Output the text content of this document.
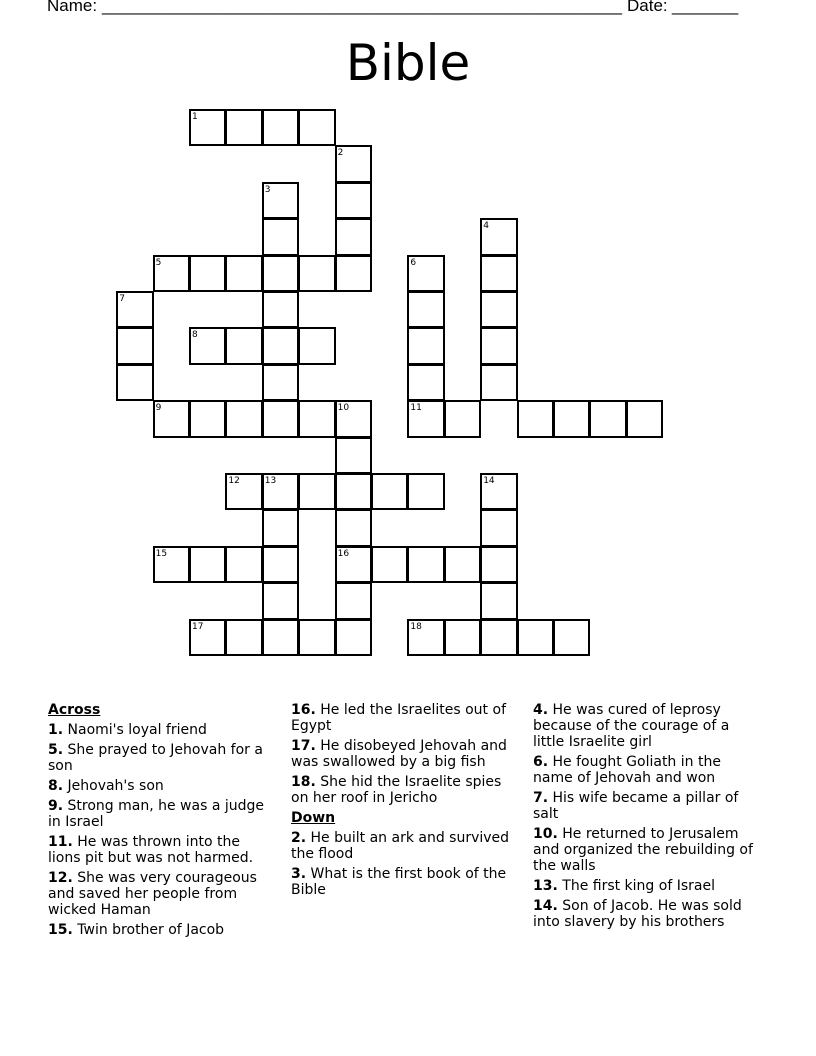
Name: _______________________________________________________ Date: _______
Bible
1
2
3
4
5	6
7
8
9	10	11
12	13	14
15	16
17	18
Across
1. Naomi's loyal friend
5. She prayed to Jehovah for a son
8. Jehovah's son
9. Strong man, he was a judge in Israel
11. He was thrown into the lions pit but was not harmed.
12. She was very courageous and saved her people from wicked Haman
15. Twin brother of Jacob
16. He led the Israelites out of Egypt
17. He disobeyed Jehovah and was swallowed by a big fish
18. She hid the Israelite spies on her roof in Jericho
Down
2. He built an ark and survived the flood
3. What is the first book of the Bible
4. He was cured of leprosy because of the courage of a little Israelite girl
6. He fought Goliath in the name of Jehovah and won
7. His wife became a pillar of salt
10. He returned to Jerusalem and organized the rebuilding of the walls
13. The first king of Israel
14. Son of Jacob. He was sold into slavery by his brothers
